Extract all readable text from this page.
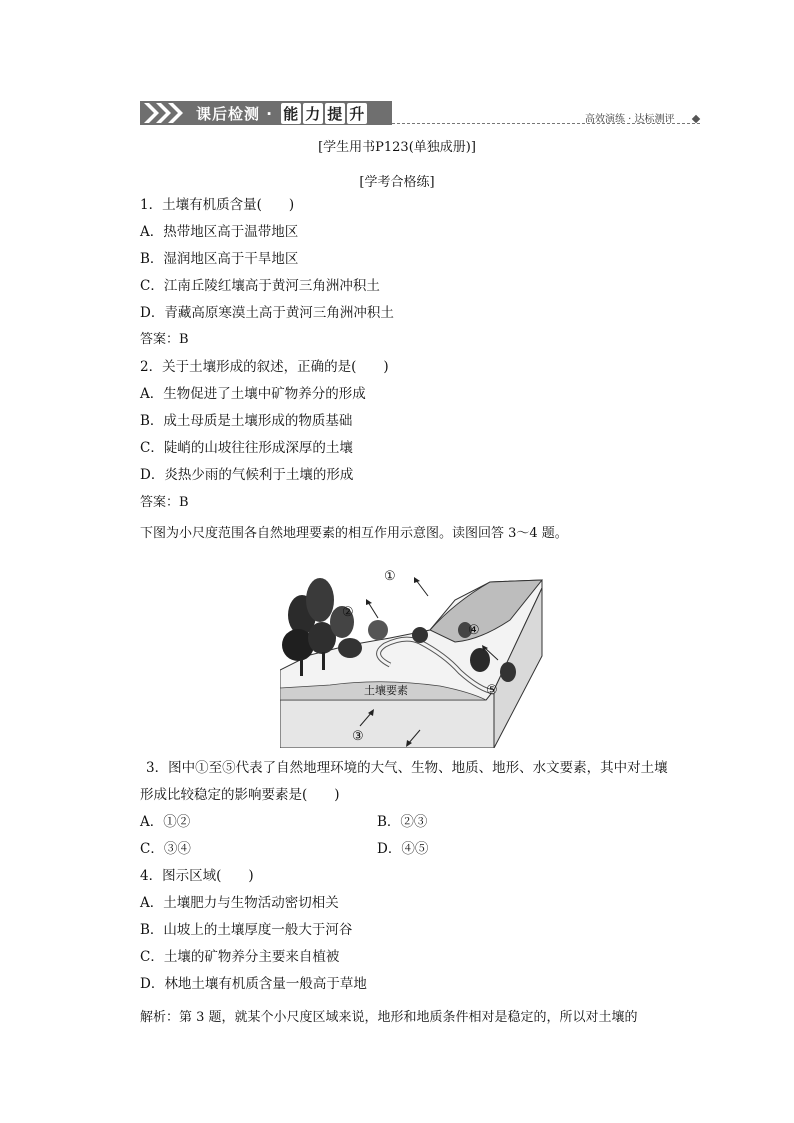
课后检测 · 能 力 提 升	高效演练 · 达标测评
[学生用书P123(单独成册)]
[学考合格练]
1．土壤有机质含量(　　)
A．热带地区高于温带地区
B．湿润地区高于干旱地区
C．江南丘陵红壤高于黄河三角洲冲积土
D．青藏高原寒漠土高于黄河三角洲冲积土
答案：B
2．关于土壤形成的叙述，正确的是(　　)
A．生物促进了土壤中矿物养分的形成
B．成土母质是土壤形成的物质基础
C．陡峭的山坡往往形成深厚的土壤
D．炎热少雨的气候利于土壤的形成
答案：B
下图为小尺度范围各自然地理要素的相互作用示意图。读图回答 3～4 题。
①
②
③
④
⑤
土壤要素
3．图中①至⑤代表了自然地理环境的大气、生物、地质、地形、水文要素，其中对土壤
形成比较稳定的影响要素是(　　)
A．①②	B．②③
C．③④	D．④⑤
4．图示区域(　　)
A．土壤肥力与生物活动密切相关
B．山坡上的土壤厚度一般大于河谷
C．土壤的矿物养分主要来自植被
D．林地土壤有机质含量一般高于草地
解析：第 3 题，就某个小尺度区域来说，地形和地质条件相对是稳定的，所以对土壤的
